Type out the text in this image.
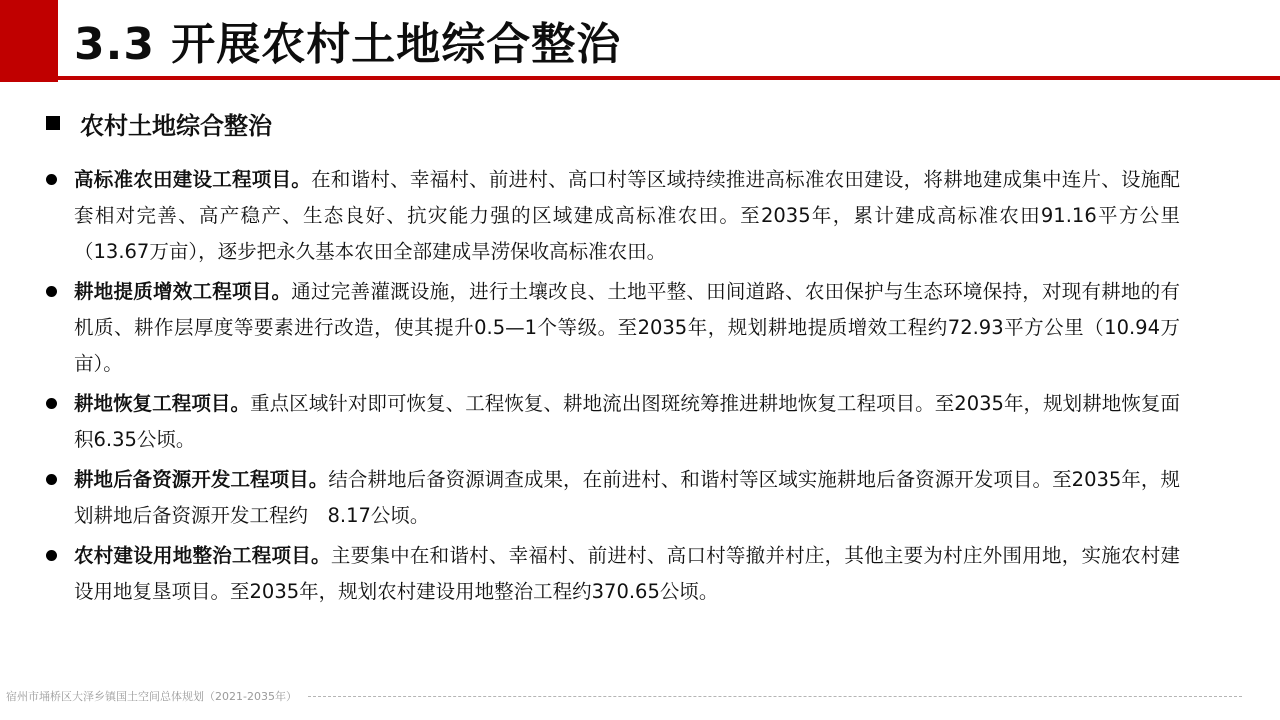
3.3 开展农村土地综合整治
农村土地综合整治
高标准农田建设工程项目。在和谐村、幸福村、前进村、高口村等区域持续推进高标准农田建设，将耕地建成集中连片、设施配套相对完善、高产稳产、生态良好、抗灾能力强的区域建成高标准农田。至2035年，累计建成高标准农田91.16平方公里（13.67万亩），逐步把永久基本农田全部建成旱涝保收高标准农田。
耕地提质增效工程项目。通过完善灌溉设施，进行土壤改良、土地平整、田间道路、农田保护与生态环境保持，对现有耕地的有机质、耕作层厚度等要素进行改造，使其提升0.5—1个等级。至2035年，规划耕地提质增效工程约72.93平方公里（10.94万亩）。
耕地恢复工程项目。重点区域针对即可恢复、工程恢复、耕地流出图斑统筹推进耕地恢复工程项目。至2035年，规划耕地恢复面积6.35公顷。
耕地后备资源开发工程项目。结合耕地后备资源调查成果，在前进村、和谐村等区域实施耕地后备资源开发项目。至2035年，规划耕地后备资源开发工程约　8.17公顷。
农村建设用地整治工程项目。主要集中在和谐村、幸福村、前进村、高口村等撤并村庄，其他主要为村庄外围用地，实施农村建设用地复垦项目。至2035年，规划农村建设用地整治工程约370.65公顷。
宿州市埇桥区大泽乡镇国土空间总体规划（2021-2035年）
